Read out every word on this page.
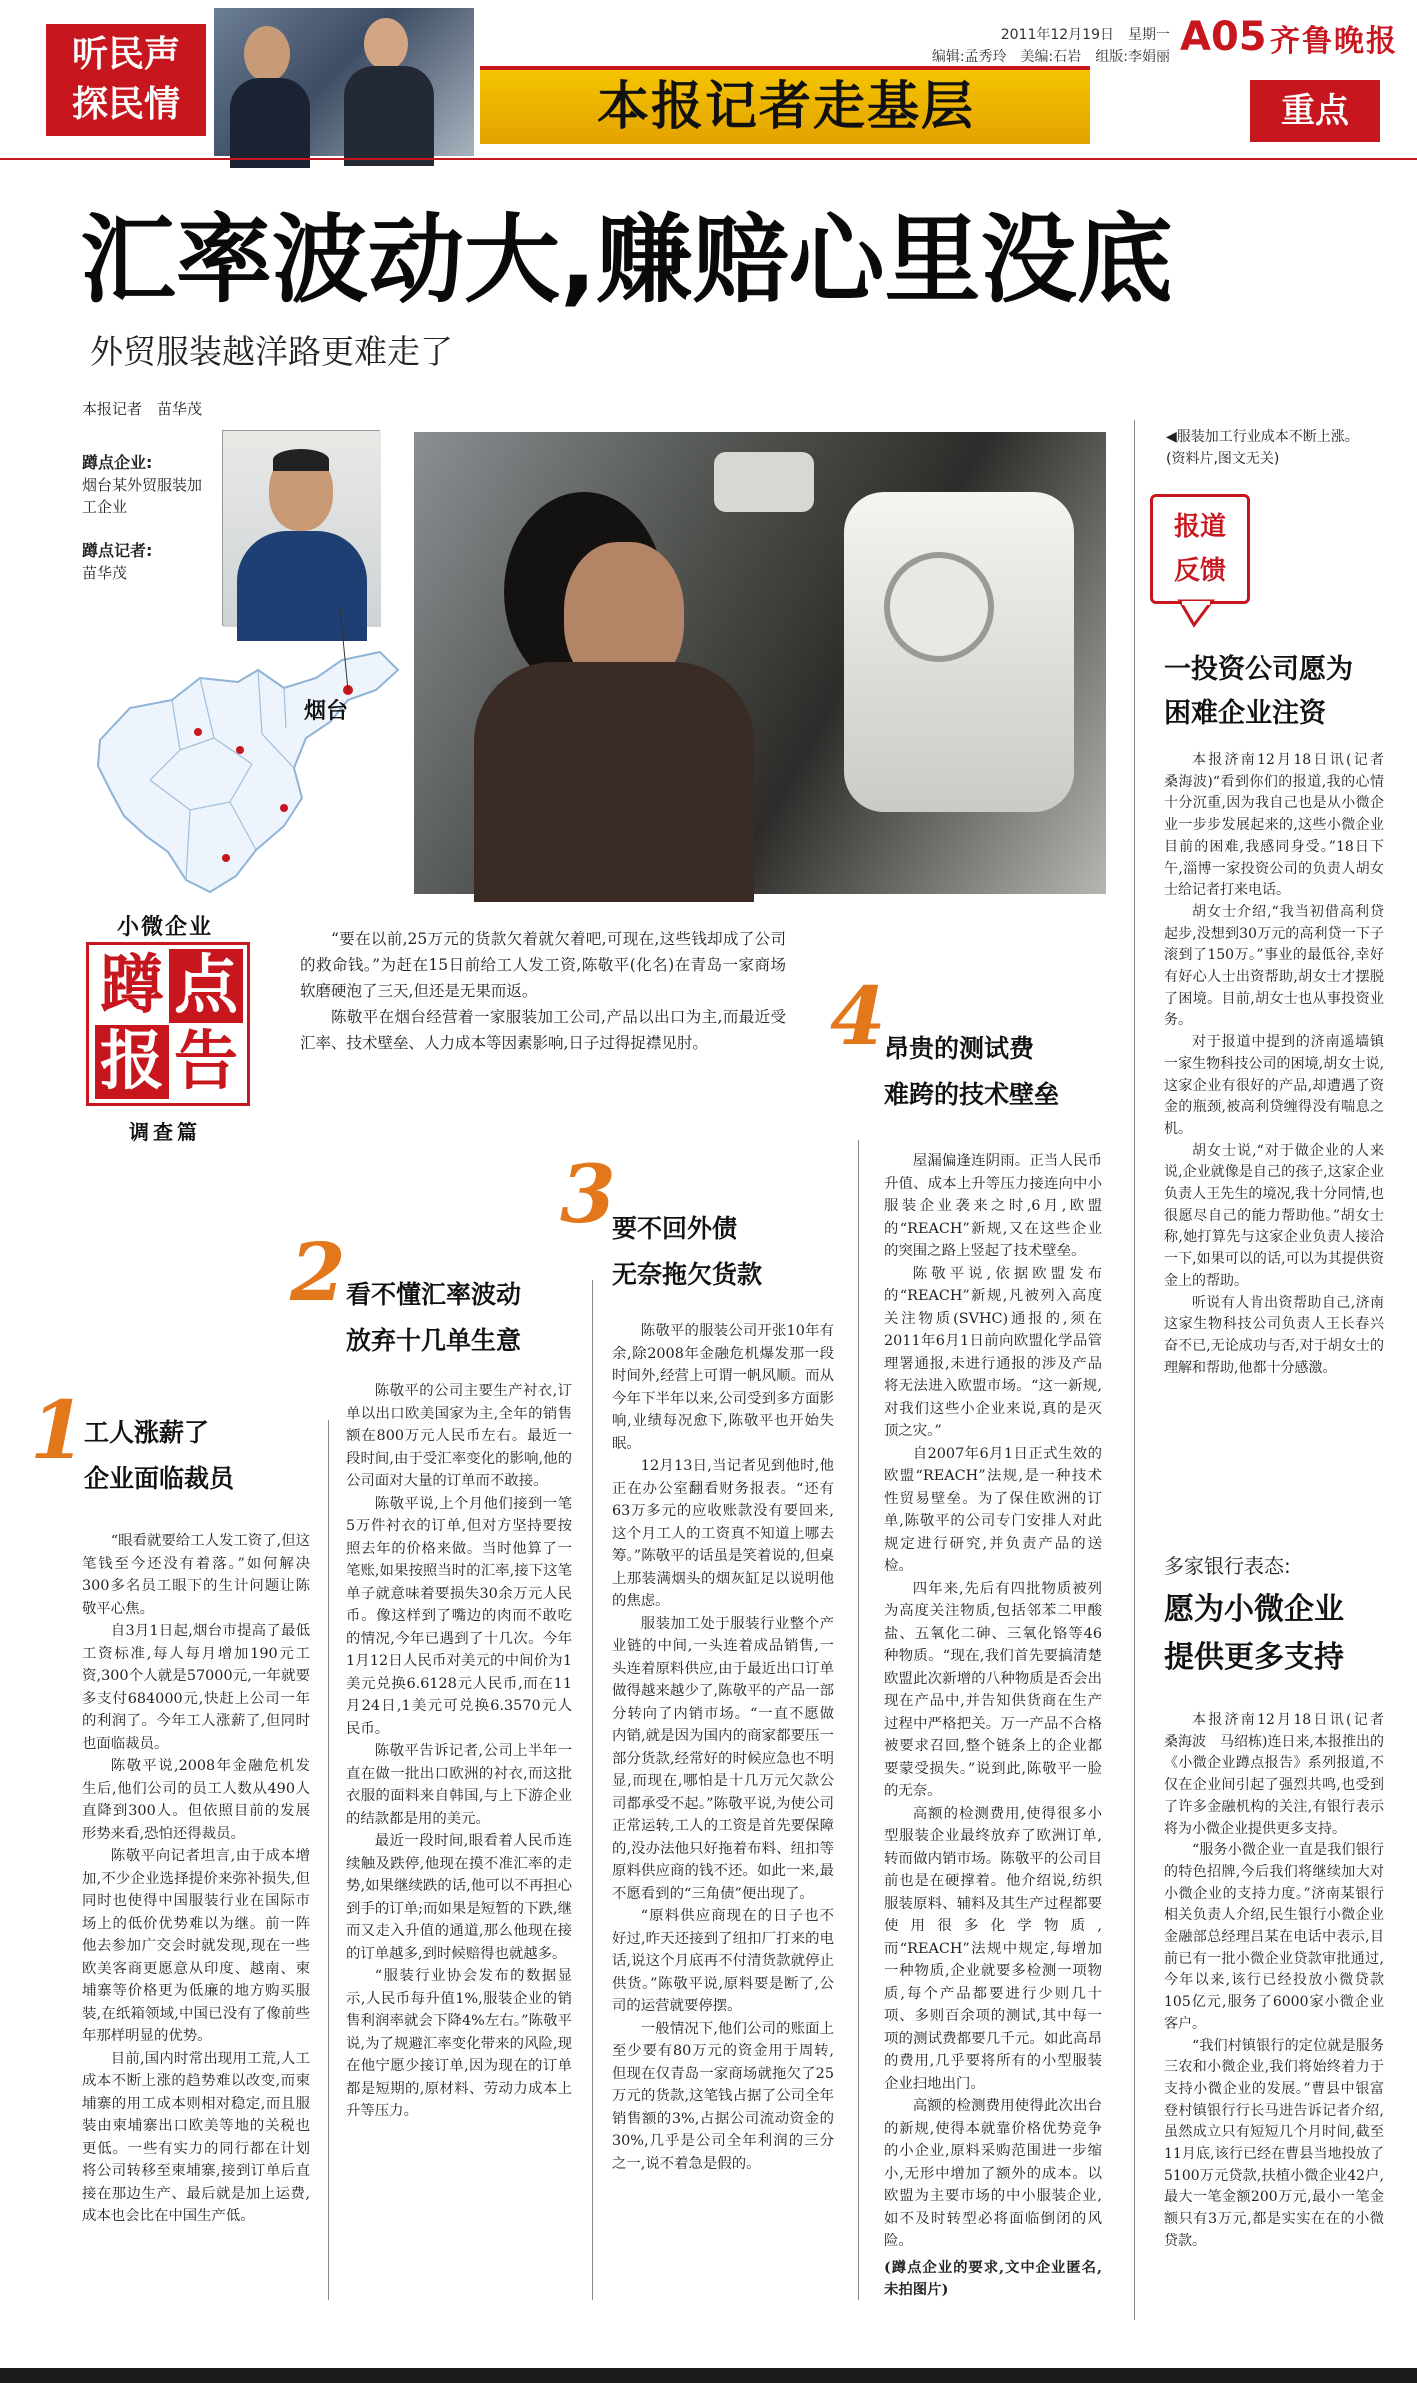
听民声
探民情	本报记者走基层
2011年12月19日　星期一
编辑:孟秀玲　美编:石岩　组版:李娟丽 A05 齐鲁晚报
重点
汇率波动大,赚赔心里没底
外贸服装越洋路更难走了
本报记者　苗华茂
蹲点企业:
烟台某外贸服装加工企业
蹲点记者:
苗华茂
烟台
◀服装加工行业成本不断上涨。(资料片,图文无关)
小微企业
蹲 点
报 告
调查篇

“要在以前,25万元的货款欠着就欠着吧,可现在,这些钱却成了公司的救命钱。”为赶在15日前给工人发工资,陈敬平(化名)在青岛一家商场软磨硬泡了三天,但还是无果而返。

陈敬平在烟台经营着一家服装加工公司,产品以出口为主,而最近受汇率、技术壁垒、人力成本等因素影响,日子过得捉襟见肘。	4
昂贵的测试费
难跨的技术壁垒

屋漏偏逢连阴雨。正当人民币升值、成本上升等压力接连向中小服装企业袭来之时,6月,欧盟的“REACH”新规,又在这些企业的突围之路上竖起了技术壁垒。

陈敬平说,依据欧盟发布的“REACH”新规,凡被列入高度关注物质(SVHC)通报的,须在2011年6月1日前向欧盟化学品管理署通报,未进行通报的涉及产品将无法进入欧盟市场。“这一新规,对我们这些小企业来说,真的是灭顶之灾。”

自2007年6月1日正式生效的欧盟“REACH”法规,是一种技术性贸易壁垒。为了保住欧洲的订单,陈敬平的公司专门安排人对此规定进行研究,并负责产品的送检。

四年来,先后有四批物质被列为高度关注物质,包括邻苯二甲酸盐、五氧化二砷、三氧化铬等46种物质。“现在,我们首先要搞清楚欧盟此次新增的八种物质是否会出现在产品中,并告知供货商在生产过程中严格把关。万一产品不合格被要求召回,整个链条上的企业都要蒙受损失。”说到此,陈敬平一脸的无奈。

高额的检测费用,使得很多小型服装企业最终放弃了欧洲订单,转而做内销市场。陈敬平的公司目前也是在硬撑着。他介绍说,纺织服装原料、辅料及其生产过程都要使用很多化学物质,而“REACH”法规中规定,每增加一种物质,企业就要多检测一项物质,每个产品都要进行少则几十项、多则百余项的测试,其中每一项的测试费都要几千元。如此高昂的费用,几乎要将所有的小型服装企业扫地出门。

高额的检测费用使得此次出台的新规,使得本就靠价格优势竞争的小企业,原料采购范围进一步缩小,无形中增加了额外的成本。以欧盟为主要市场的中小服装企业,如不及时转型必将面临倒闭的风险。

(蹲点企业的要求,文中企业匿名,未拍图片)

3
要不回外债
无奈拖欠货款

陈敬平的服装公司开张10年有余,除2008年金融危机爆发那一段时间外,经营上可谓一帆风顺。而从今年下半年以来,公司受到多方面影响,业绩每况愈下,陈敬平也开始失眠。

12月13日,当记者见到他时,他正在办公室翻看财务报表。“还有63万多元的应收账款没有要回来,这个月工人的工资真不知道上哪去筹。”陈敬平的话虽是笑着说的,但桌上那装满烟头的烟灰缸足以说明他的焦虑。

服装加工处于服装行业整个产业链的中间,一头连着成品销售,一头连着原料供应,由于最近出口订单做得越来越少了,陈敬平的产品一部分转向了内销市场。“一直不愿做内销,就是因为国内的商家都要压一部分货款,经常好的时候应急也不明显,而现在,哪怕是十几万元欠款公司都承受不起。”陈敬平说,为使公司正常运转,工人的工资是首先要保障的,没办法他只好拖着布料、纽扣等原料供应商的钱不还。如此一来,最不愿看到的“三角债”便出现了。

“原料供应商现在的日子也不好过,昨天还接到了纽扣厂打来的电话,说这个月底再不付清货款就停止供货。”陈敬平说,原料要是断了,公司的运营就要停摆。

一般情况下,他们公司的账面上至少要有80万元的资金用于周转,但现在仅青岛一家商场就拖欠了25万元的货款,这笔钱占据了公司全年销售额的3%,占据公司流动资金的30%,几乎是公司全年利润的三分之一,说不着急是假的。

2 看不懂汇率波动
放弃十几单生意

陈敬平的公司主要生产衬衣,订单以出口欧美国家为主,全年的销售额在800万元人民币左右。最近一段时间,由于受汇率变化的影响,他的公司面对大量的订单而不敢接。

陈敬平说,上个月他们接到一笔5万件衬衣的订单,但对方坚持要按照去年的价格来做。当时他算了一笔账,如果按照当时的汇率,接下这笔单子就意味着要损失30余万元人民币。像这样到了嘴边的肉而不敢吃的情况,今年已遇到了十几次。今年1月12日人民币对美元的中间价为1美元兑换6.6128元人民币,而在11月24日,1美元可兑换6.3570元人民币。

陈敬平告诉记者,公司上半年一直在做一批出口欧洲的衬衣,而这批衣服的面料来自韩国,与上下游企业的结款都是用的美元。

最近一段时间,眼看着人民币连续触及跌停,他现在摸不准汇率的走势,如果继续跌的话,他可以不再担心到手的订单;而如果是短暂的下跌,继而又走入升值的通道,那么他现在接的订单越多,到时候赔得也就越多。

“服装行业协会发布的数据显示,人民币每升值1%,服装企业的销售利润率就会下降4%左右。”陈敬平说,为了规避汇率变化带来的风险,现在他宁愿少接订单,因为现在的订单都是短期的,原材料、劳动力成本上升等压力。

1
工人涨薪了
企业面临裁员

“眼看就要给工人发工资了,但这笔钱至今还没有着落。”如何解决300多名员工眼下的生计问题让陈敬平心焦。

自3月1日起,烟台市提高了最低工资标准,每人每月增加190元工资,300个人就是57000元,一年就要多支付684000元,快赶上公司一年的利润了。今年工人涨薪了,但同时也面临裁员。

陈敬平说,2008年金融危机发生后,他们公司的员工人数从490人直降到300人。但依照目前的发展形势来看,恐怕还得裁员。

陈敬平向记者坦言,由于成本增加,不少企业选择提价来弥补损失,但同时也使得中国服装行业在国际市场上的低价优势难以为继。前一阵他去参加广交会时就发现,现在一些欧美客商更愿意从印度、越南、柬埔寨等价格更为低廉的地方购买服装,在纸箱领域,中国已没有了像前些年那样明显的优势。

目前,国内时常出现用工荒,人工成本不断上涨的趋势难以改变,而柬埔寨的用工成本则相对稳定,而且服装由柬埔寨出口欧美等地的关税也更低。一些有实力的同行都在计划将公司转移至柬埔寨,接到订单后直接在那边生产、最后就是加上运费,成本也会比在中国生产低。

报道
反馈
一投资公司愿为
困难企业注资

本报济南12月18日讯(记者　桑海波)“看到你们的报道,我的心情十分沉重,因为我自己也是从小微企业一步步发展起来的,这些小微企业目前的困难,我感同身受。”18日下午,淄博一家投资公司的负责人胡女士给记者打来电话。

胡女士介绍,“我当初借高利贷起步,没想到30万元的高利贷一下子滚到了150万。”事业的最低谷,幸好有好心人士出资帮助,胡女士才摆脱了困境。目前,胡女士也从事投资业务。

对于报道中提到的济南遥墙镇一家生物科技公司的困境,胡女士说,这家企业有很好的产品,却遭遇了资金的瓶颈,被高利贷缠得没有喘息之机。

胡女士说,“对于做企业的人来说,企业就像是自己的孩子,这家企业负责人王先生的境况,我十分同情,也很愿尽自己的能力帮助他。”胡女士称,她打算先与这家企业负责人接洽一下,如果可以的话,可以为其提供资金上的帮助。

听说有人肯出资帮助自己,济南这家生物科技公司负责人王长春兴奋不已,无论成功与否,对于胡女士的理解和帮助,他都十分感激。

多家银行表态:
愿为小微企业
提供更多支持

本报济南12月18日讯(记者　桑海波　马绍栋)连日来,本报推出的《小微企业蹲点报告》系列报道,不仅在企业间引起了强烈共鸣,也受到了许多金融机构的关注,有银行表示将为小微企业提供更多支持。

“服务小微企业一直是我们银行的特色招牌,今后我们将继续加大对小微企业的支持力度。”济南某银行相关负责人介绍,民生银行小微企业金融部总经理吕某在电话中表示,目前已有一批小微企业贷款审批通过,今年以来,该行已经投放小微贷款105亿元,服务了6000家小微企业客户。

“我们村镇银行的定位就是服务三农和小微企业,我们将始终着力于支持小微企业的发展。”曹县中银富登村镇银行行长马进告诉记者介绍,虽然成立只有短短几个月时间,截至11月底,该行已经在曹县当地投放了5100万元贷款,扶植小微企业42户,最大一笔金额200万元,最小一笔金额只有3万元,都是实实在在的小微贷款。
